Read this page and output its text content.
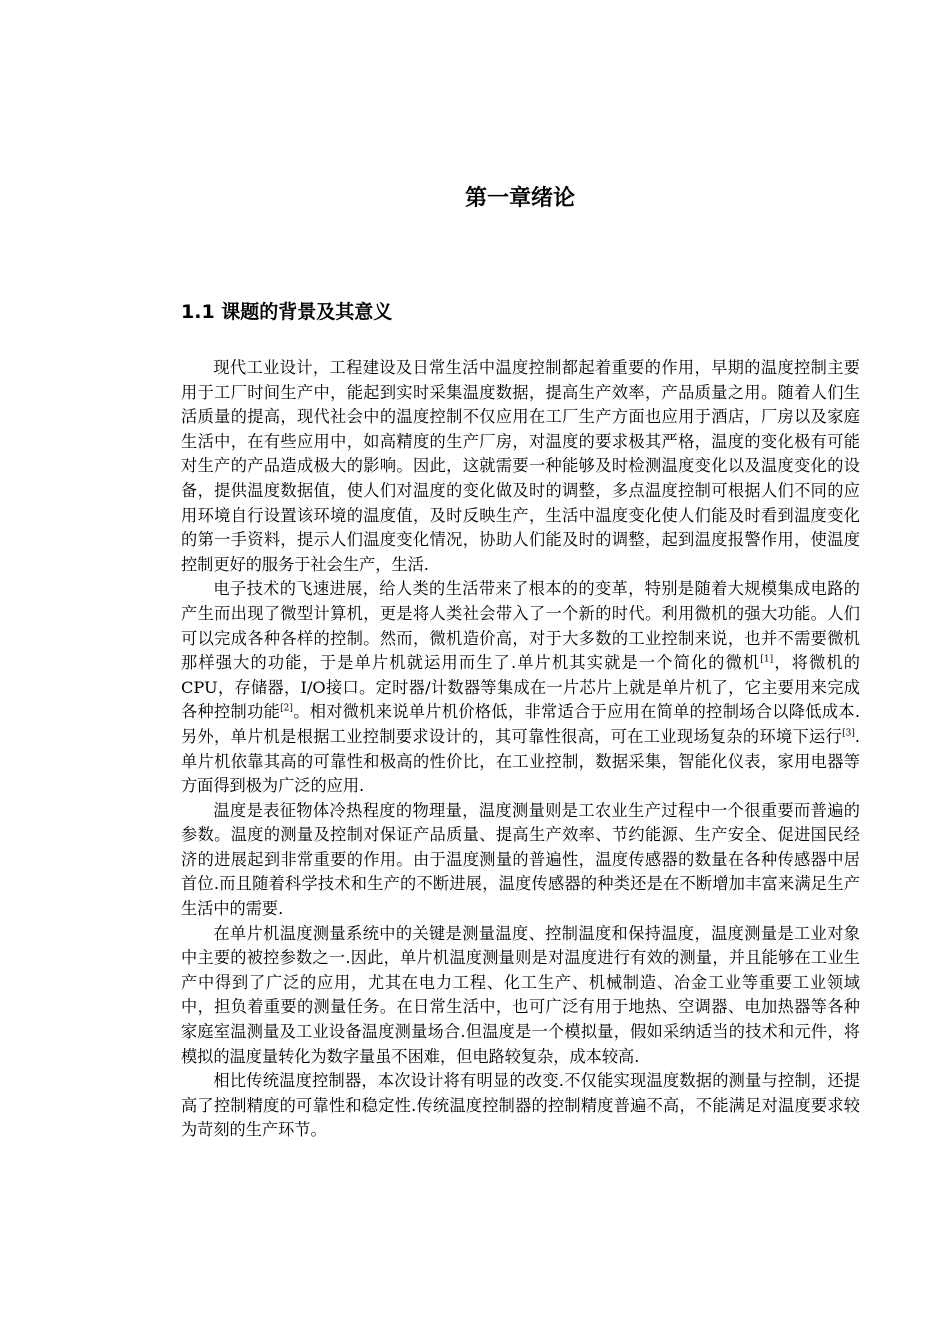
第一章绪论
1.1 课题的背景及其意义

现代工业设计，工程建设及日常生活中温度控制都起着重要的作用，早期的温度控制主要用于工厂时间生产中，能起到实时采集温度数据，提高生产效率，产品质量之用。随着人们生活质量的提高，现代社会中的温度控制不仅应用在工厂生产方面也应用于酒店，厂房以及家庭生活中，在有些应用中，如高精度的生产厂房，对温度的要求极其严格，温度的变化极有可能对生产的产品造成极大的影响。因此，这就需要一种能够及时检测温度变化以及温度变化的设备，提供温度数据值，使人们对温度的变化做及时的调整，多点温度控制可根据人们不同的应用环境自行设置该环境的温度值，及时反映生产，生活中温度变化使人们能及时看到温度变化的第一手资料，提示人们温度变化情况，协助人们能及时的调整，起到温度报警作用，使温度控制更好的服务于社会生产，生活.

电子技术的飞速进展，给人类的生活带来了根本的的变革，特别是随着大规模集成电路的产生而出现了微型计算机，更是将人类社会带入了一个新的时代。利用微机的强大功能。人们可以完成各种各样的控制。然而，微机造价高，对于大多数的工业控制来说，也并不需要微机那样强大的功能，于是单片机就运用而生了.单片机其实就是一个简化的微机[1]，将微机的CPU，存储器，I/O接口。定时器/计数器等集成在一片芯片上就是单片机了，它主要用来完成各种控制功能[2]。相对微机来说单片机价格低，非常适合于应用在简单的控制场合以降低成本.另外，单片机是根据工业控制要求设计的，其可靠性很高，可在工业现场复杂的环境下运行[3].单片机依靠其高的可靠性和极高的性价比，在工业控制，数据采集，智能化仪表，家用电器等方面得到极为广泛的应用.

温度是表征物体冷热程度的物理量，温度测量则是工农业生产过程中一个很重要而普遍的参数。温度的测量及控制对保证产品质量、提高生产效率、节约能源、生产安全、促进国民经济的进展起到非常重要的作用。由于温度测量的普遍性，温度传感器的数量在各种传感器中居首位.而且随着科学技术和生产的不断进展，温度传感器的种类还是在不断增加丰富来满足生产生活中的需要.

在单片机温度测量系统中的关键是测量温度、控制温度和保持温度，温度测量是工业对象中主要的被控参数之一.因此，单片机温度测量则是对温度进行有效的测量，并且能够在工业生产中得到了广泛的应用，尤其在电力工程、化工生产、机械制造、冶金工业等重要工业领域中，担负着重要的测量任务。在日常生活中，也可广泛有用于地热、空调器、电加热器等各种家庭室温测量及工业设备温度测量场合.但温度是一个模拟量，假如采纳适当的技术和元件，将模拟的温度量转化为数字量虽不困难，但电路较复杂，成本较高.

相比传统温度控制器，本次设计将有明显的改变.不仅能实现温度数据的测量与控制，还提高了控制精度的可靠性和稳定性.传统温度控制器的控制精度普遍不高，不能满足对温度要求较为苛刻的生产环节。
